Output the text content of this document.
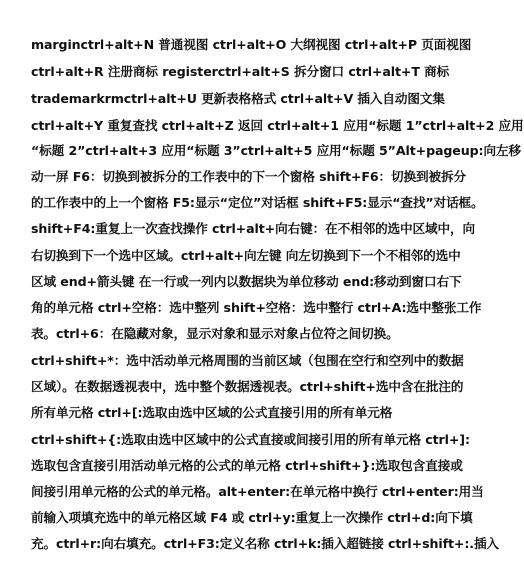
marginctrl+alt+N 普通视图 ctrl+alt+O 大纲视图 ctrl+alt+P 页面视图
ctrl+alt+R 注册商标 registerctrl+alt+S 拆分窗口 ctrl+alt+T 商标
trademarkrmctrl+alt+U 更新表格格式 ctrl+alt+V 插入自动图文集
ctrl+alt+Y 重复查找 ctrl+alt+Z 返回 ctrl+alt+1 应用“标题 1”ctrl+alt+2 应用
“标题 2”ctrl+alt+3 应用“标题 3”ctrl+alt+5 应用“标题 5”Alt+pageup:向左移
动一屏 F6：切换到被拆分的工作表中的下一个窗格 shift+F6：切换到被拆分
的工作表中的上一个窗格 F5:显示“定位”对话框 shift+F5:显示“查找”对话框。
shift+F4:重复上一次查找操作 ctrl+alt+向右键：在不相邻的选中区域中，向
右切换到下一个选中区域。ctrl+alt+向左键 向左切换到下一个不相邻的选中
区域 end+箭头键 在一行或一列内以数据块为单位移动 end:移动到窗口右下
角的单元格 ctrl+空格：选中整列 shift+空格：选中整行 ctrl+A:选中整张工作
表。ctrl+6：在隐藏对象，显示对象和显示对象占位符之间切换。
ctrl+shift+*：选中活动单元格周围的当前区域（包围在空行和空列中的数据
区域）。在数据透视表中，选中整个数据透视表。ctrl+shift+选中含在批注的
所有单元格 ctrl+[:选取由选中区域的公式直接引用的所有单元格
ctrl+shift+{:选取由选中区域中的公式直接或间接引用的所有单元格 ctrl+]:
选取包含直接引用活动单元格的公式的单元格 ctrl+shift+}:选取包含直接或
间接引用单元格的公式的单元格。alt+enter:在单元格中换行 ctrl+enter:用当
前输入项填充选中的单元格区域 F4 或 ctrl+y:重复上一次操作 ctrl+d:向下填
充。ctrl+r:向右填充。ctrl+F3:定义名称 ctrl+k:插入超链接 ctrl+shift+:.插入
